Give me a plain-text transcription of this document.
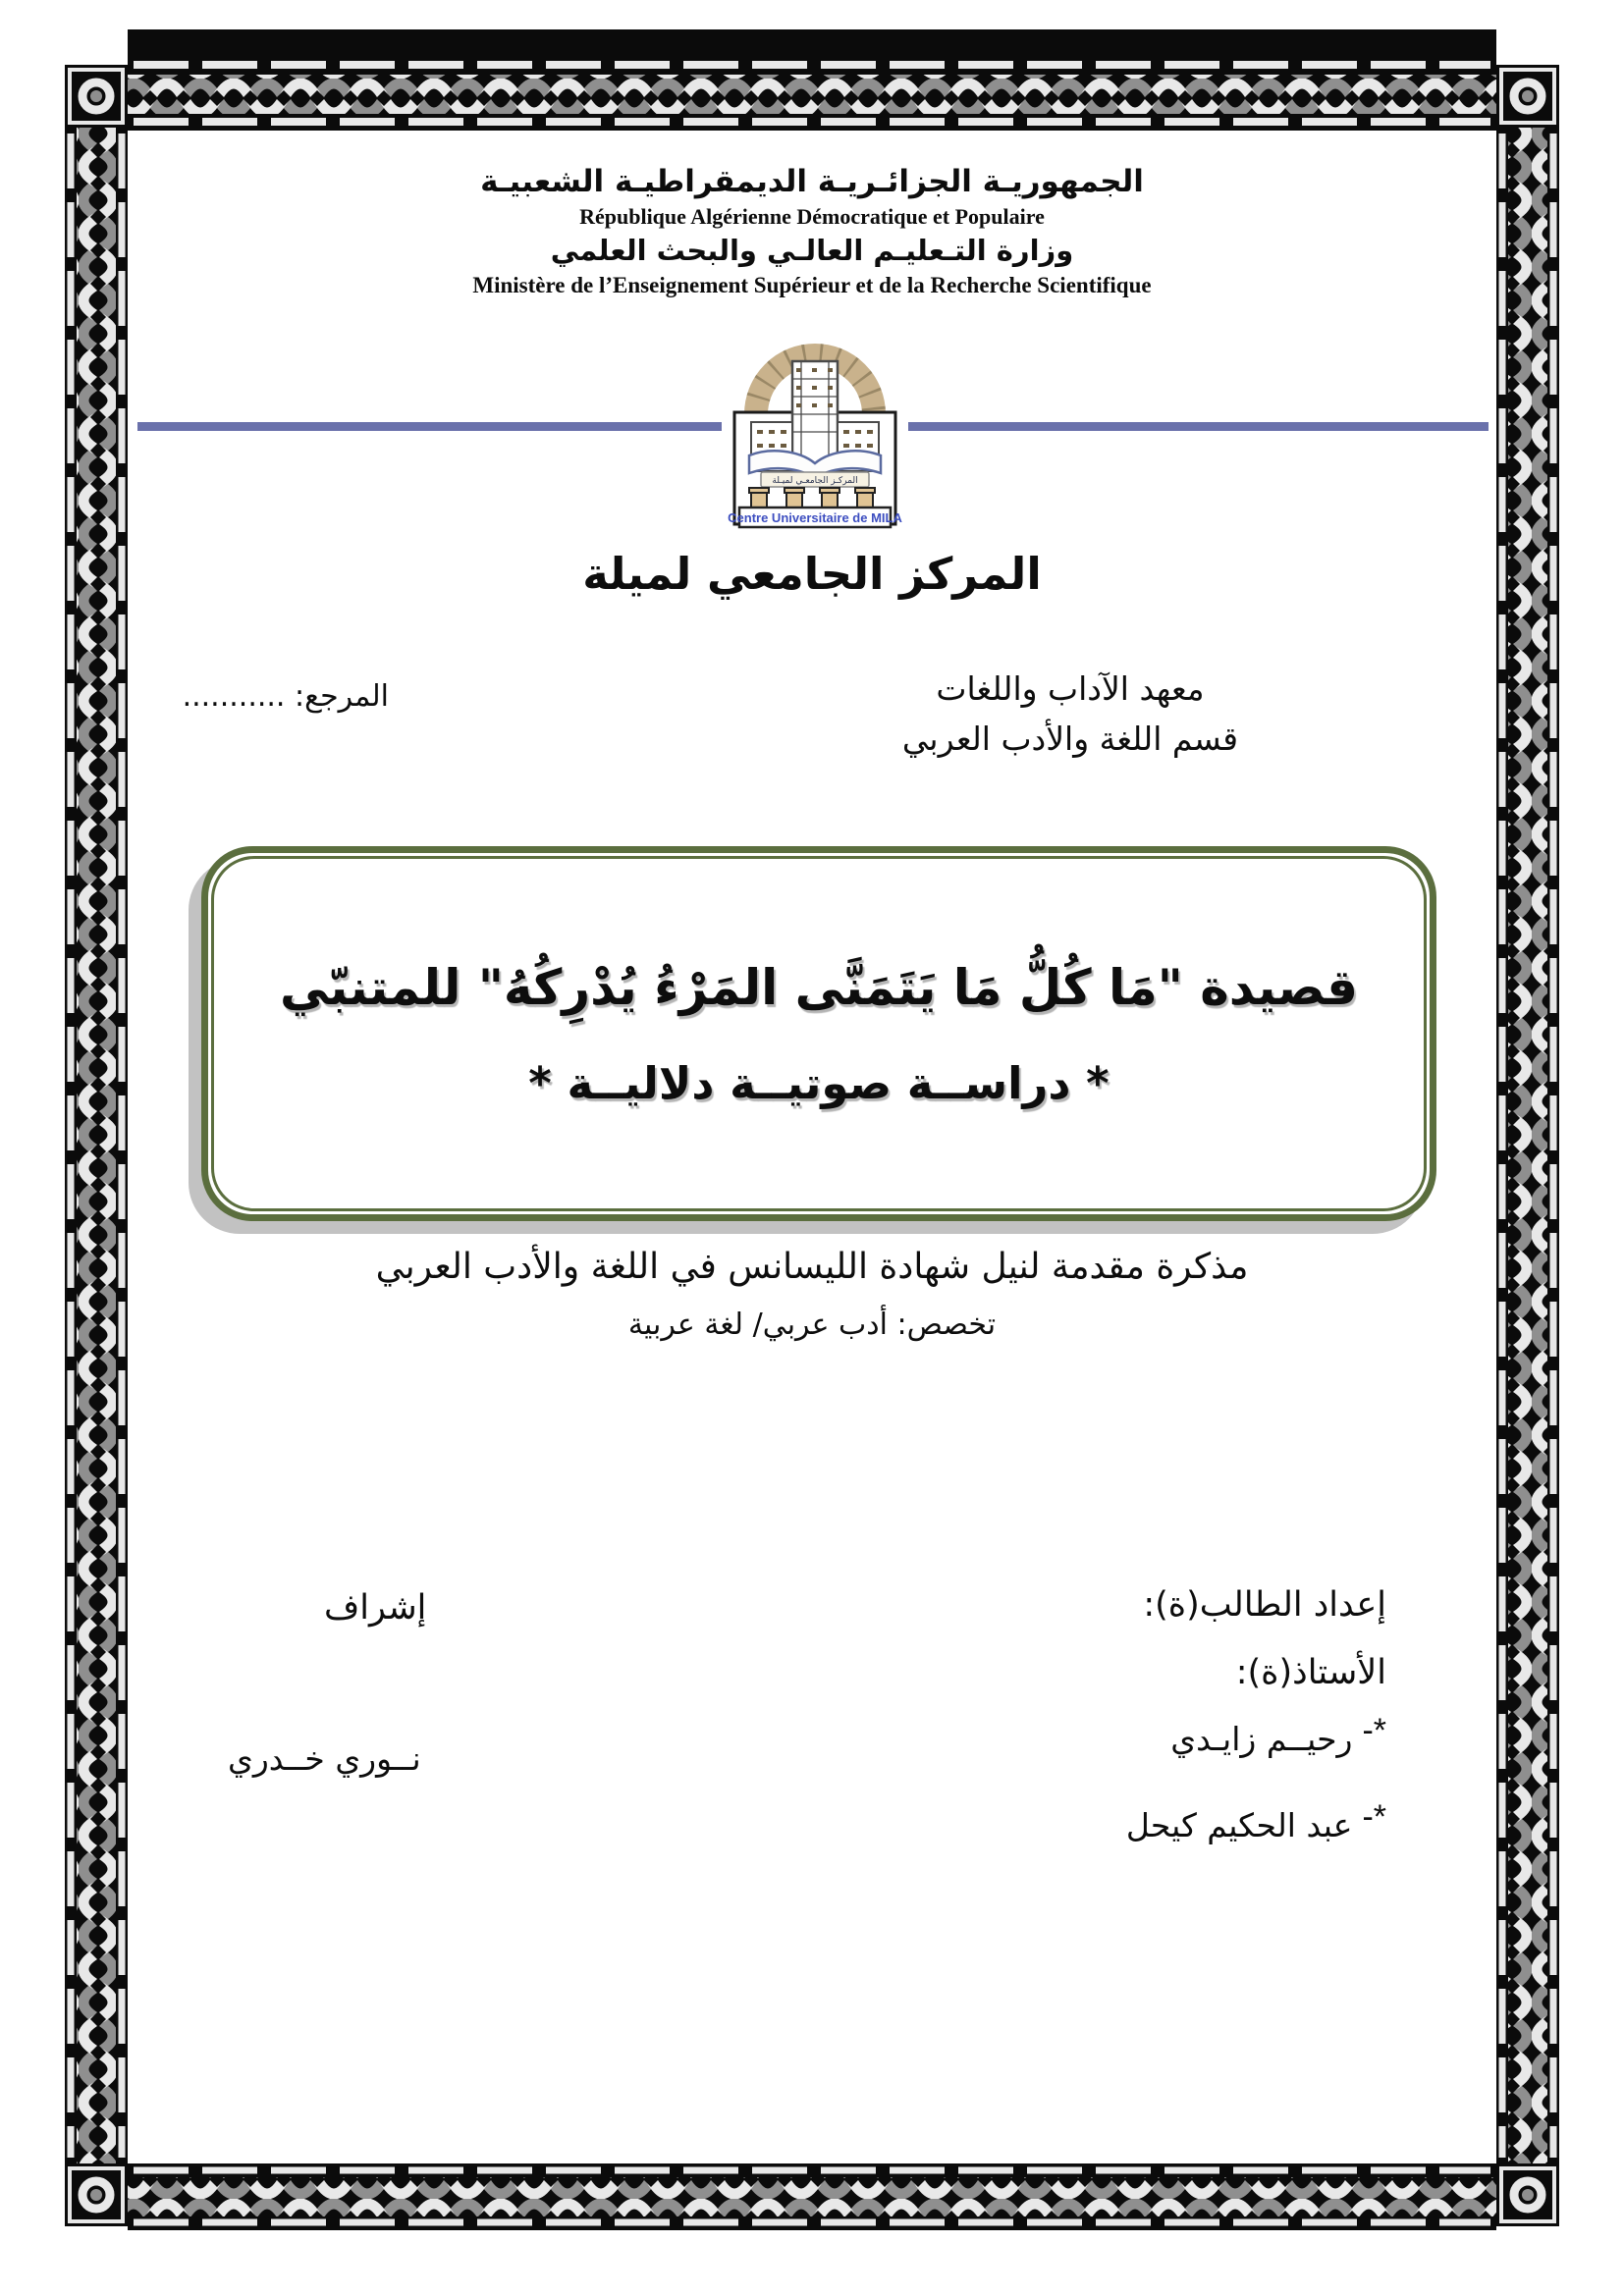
الجمهوريـة الجزائـريـة الديمقراطيـة الشعبيـة
République Algérienne Démocratique et Populaire
وزارة التـعليـم العالـي والبحث العلمي
Ministère de l’Enseignement Supérieur et de la Recherche Scientifique
المركـز الجامعـي لميـلة
Centre Universitaire de MILA
المركز الجامعي لميلة
معهد الآداب واللغات
قسم اللغة والأدب العربي
المرجع: ...........
قصيدة "مَا كُلُّ مَا يَتَمَنَّى المَرْءُ يُدْرِكُهُ" للمتنبّي
* دراســة صوتيــة دلاليــة *
مذكرة مقدمة لنيل شهادة الليسانس في اللغة والأدب العربي
تخصص: أدب عربي/ لغة عربية
إعداد الطالب(ة):
الأستاذ(ة):
*-رحيــم زايـدي
*-عبد الحكيم كيحل
إشراف
نــوري خــدري
